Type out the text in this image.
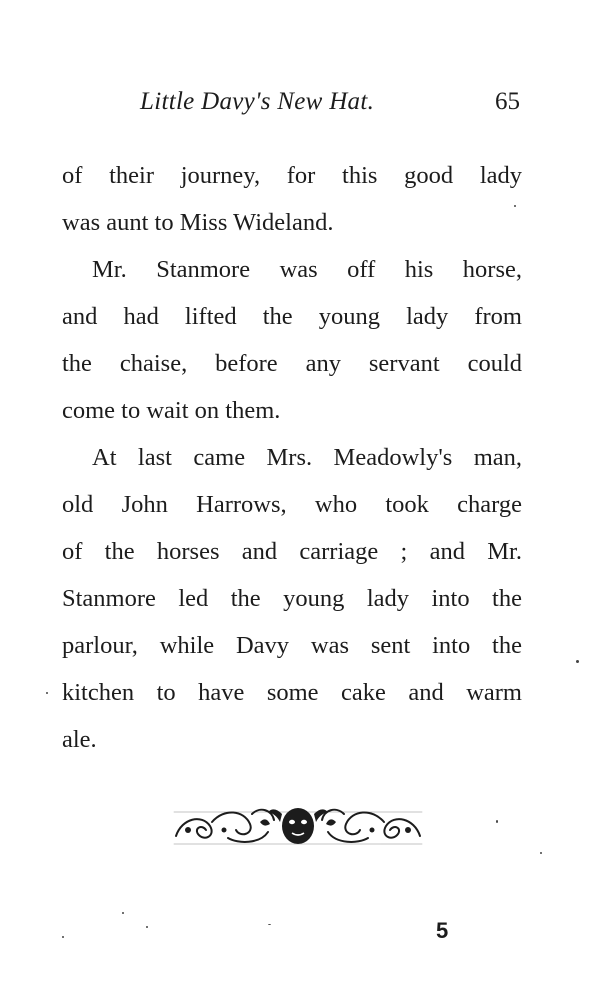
Little Davy's New Hat.	65
of their journey, for this good lady
was aunt to Miss Wideland.
Mr. Stanmore was off his horse,
and had lifted the young lady from
the chaise, before any servant could
come to wait on them.
At last came Mrs. Meadowly's man,
old John Harrows, who took charge
of the horses and carriage ; and Mr.
Stanmore led the young lady into the
parlour, while Davy was sent into the
kitchen to have some cake and warm
ale.
5
